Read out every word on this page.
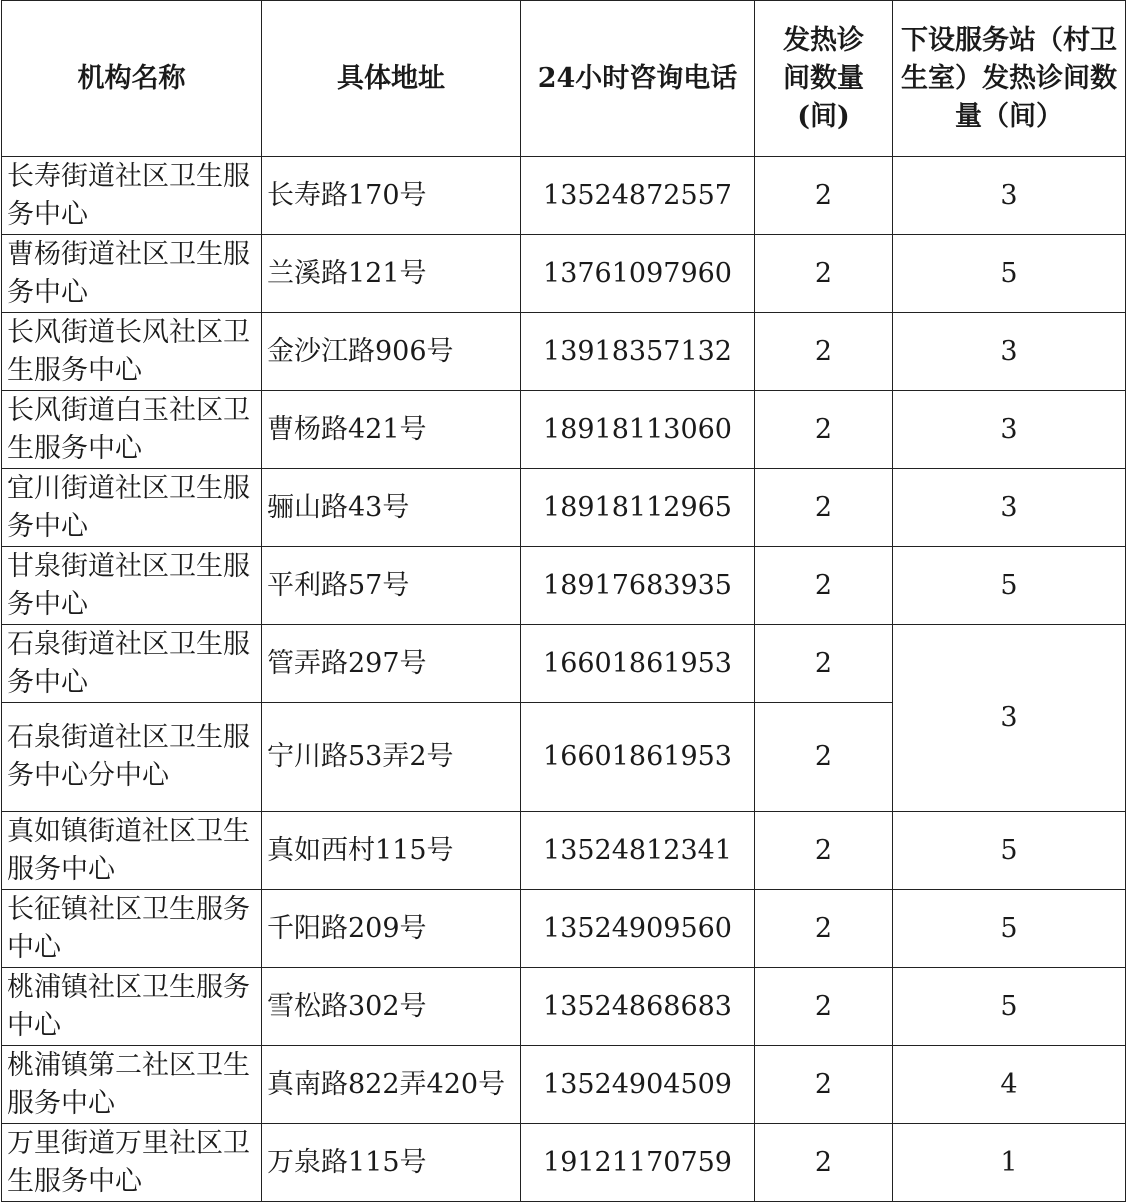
机构名称	具体地址	24小时咨询电话	发热诊间数量(间)	下设服务站（村卫生室）发热诊间数量（间）
长寿街道社区卫生服务中心	长寿路170号	13524872557	2	3
曹杨街道社区卫生服务中心	兰溪路121号	13761097960	2	5
长风街道长风社区卫生服务中心	金沙江路906号	13918357132	2	3
长风街道白玉社区卫生服务中心	曹杨路421号	18918113060	2	3
宜川街道社区卫生服务中心	骊山路43号	18918112965	2	3
甘泉街道社区卫生服务中心	平利路57号	18917683935	2	5
石泉街道社区卫生服务中心	管弄路297号	16601861953	2	3
石泉街道社区卫生服务中心分中心	宁川路53弄2号	16601861953	2	
真如镇街道社区卫生服务中心	真如西村115号	13524812341	2	5
长征镇社区卫生服务中心	千阳路209号	13524909560	2	5
桃浦镇社区卫生服务中心	雪松路302号	13524868683	2	5
桃浦镇第二社区卫生服务中心	真南路822弄420号	13524904509	2	4
万里街道万里社区卫生服务中心	万泉路115号	19121170759	2	1
